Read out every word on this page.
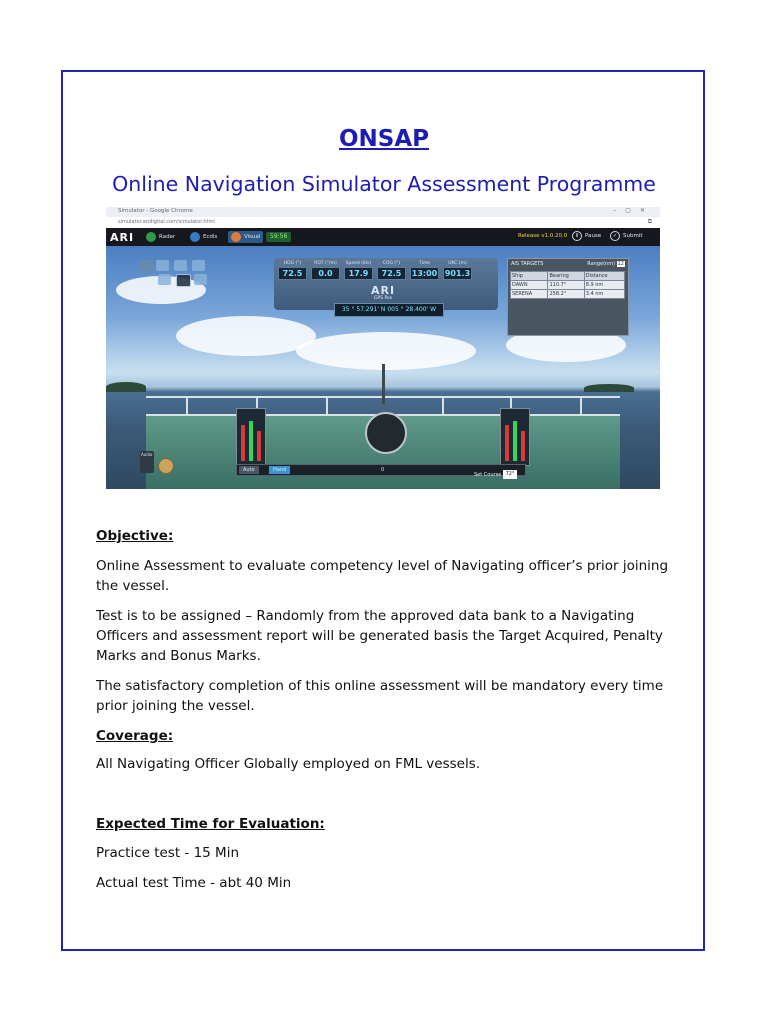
ONSAP
Online Navigation Simulator Assessment Programme
Simulator - Google Chrome	–▢✕
simulator.aridigital.com/simulator.html	⧉
ARI	Radar	Ecdis	Visual	59:56	Release v1.0.20.0	ll	Pause	✓	Submit
HDG (°)
72.5
ROT (°/m)
0.0
Speed (kts)
17.9
COG (°)
72.5
Time
13:00
UKC (m)
901.3
ARI
GPS Pos
35 ° 57.291' N 005 ° 28.400' W
AIS TARGETS	Range(nm) 12
Ship	Bearing	Distance
DAWN	110.7°	8.9 nm
SERENA	258.2°	3.4 nm
Auto	Hand	0
Set Course 72°
Audio
Objective:
Online Assessment to evaluate competency level of Navigating officer’s prior joining the vessel.
Test is to be assigned – Randomly from the approved data bank to a Navigating Officers and assessment report will be generated basis the Target Acquired, Penalty Marks and Bonus Marks.
The satisfactory completion of this online assessment will be mandatory every time prior joining the vessel.
Coverage:
All Navigating Officer Globally employed on FML vessels.
Expected Time for Evaluation:
Practice test - 15 Min
Actual test Time - abt 40 Min
